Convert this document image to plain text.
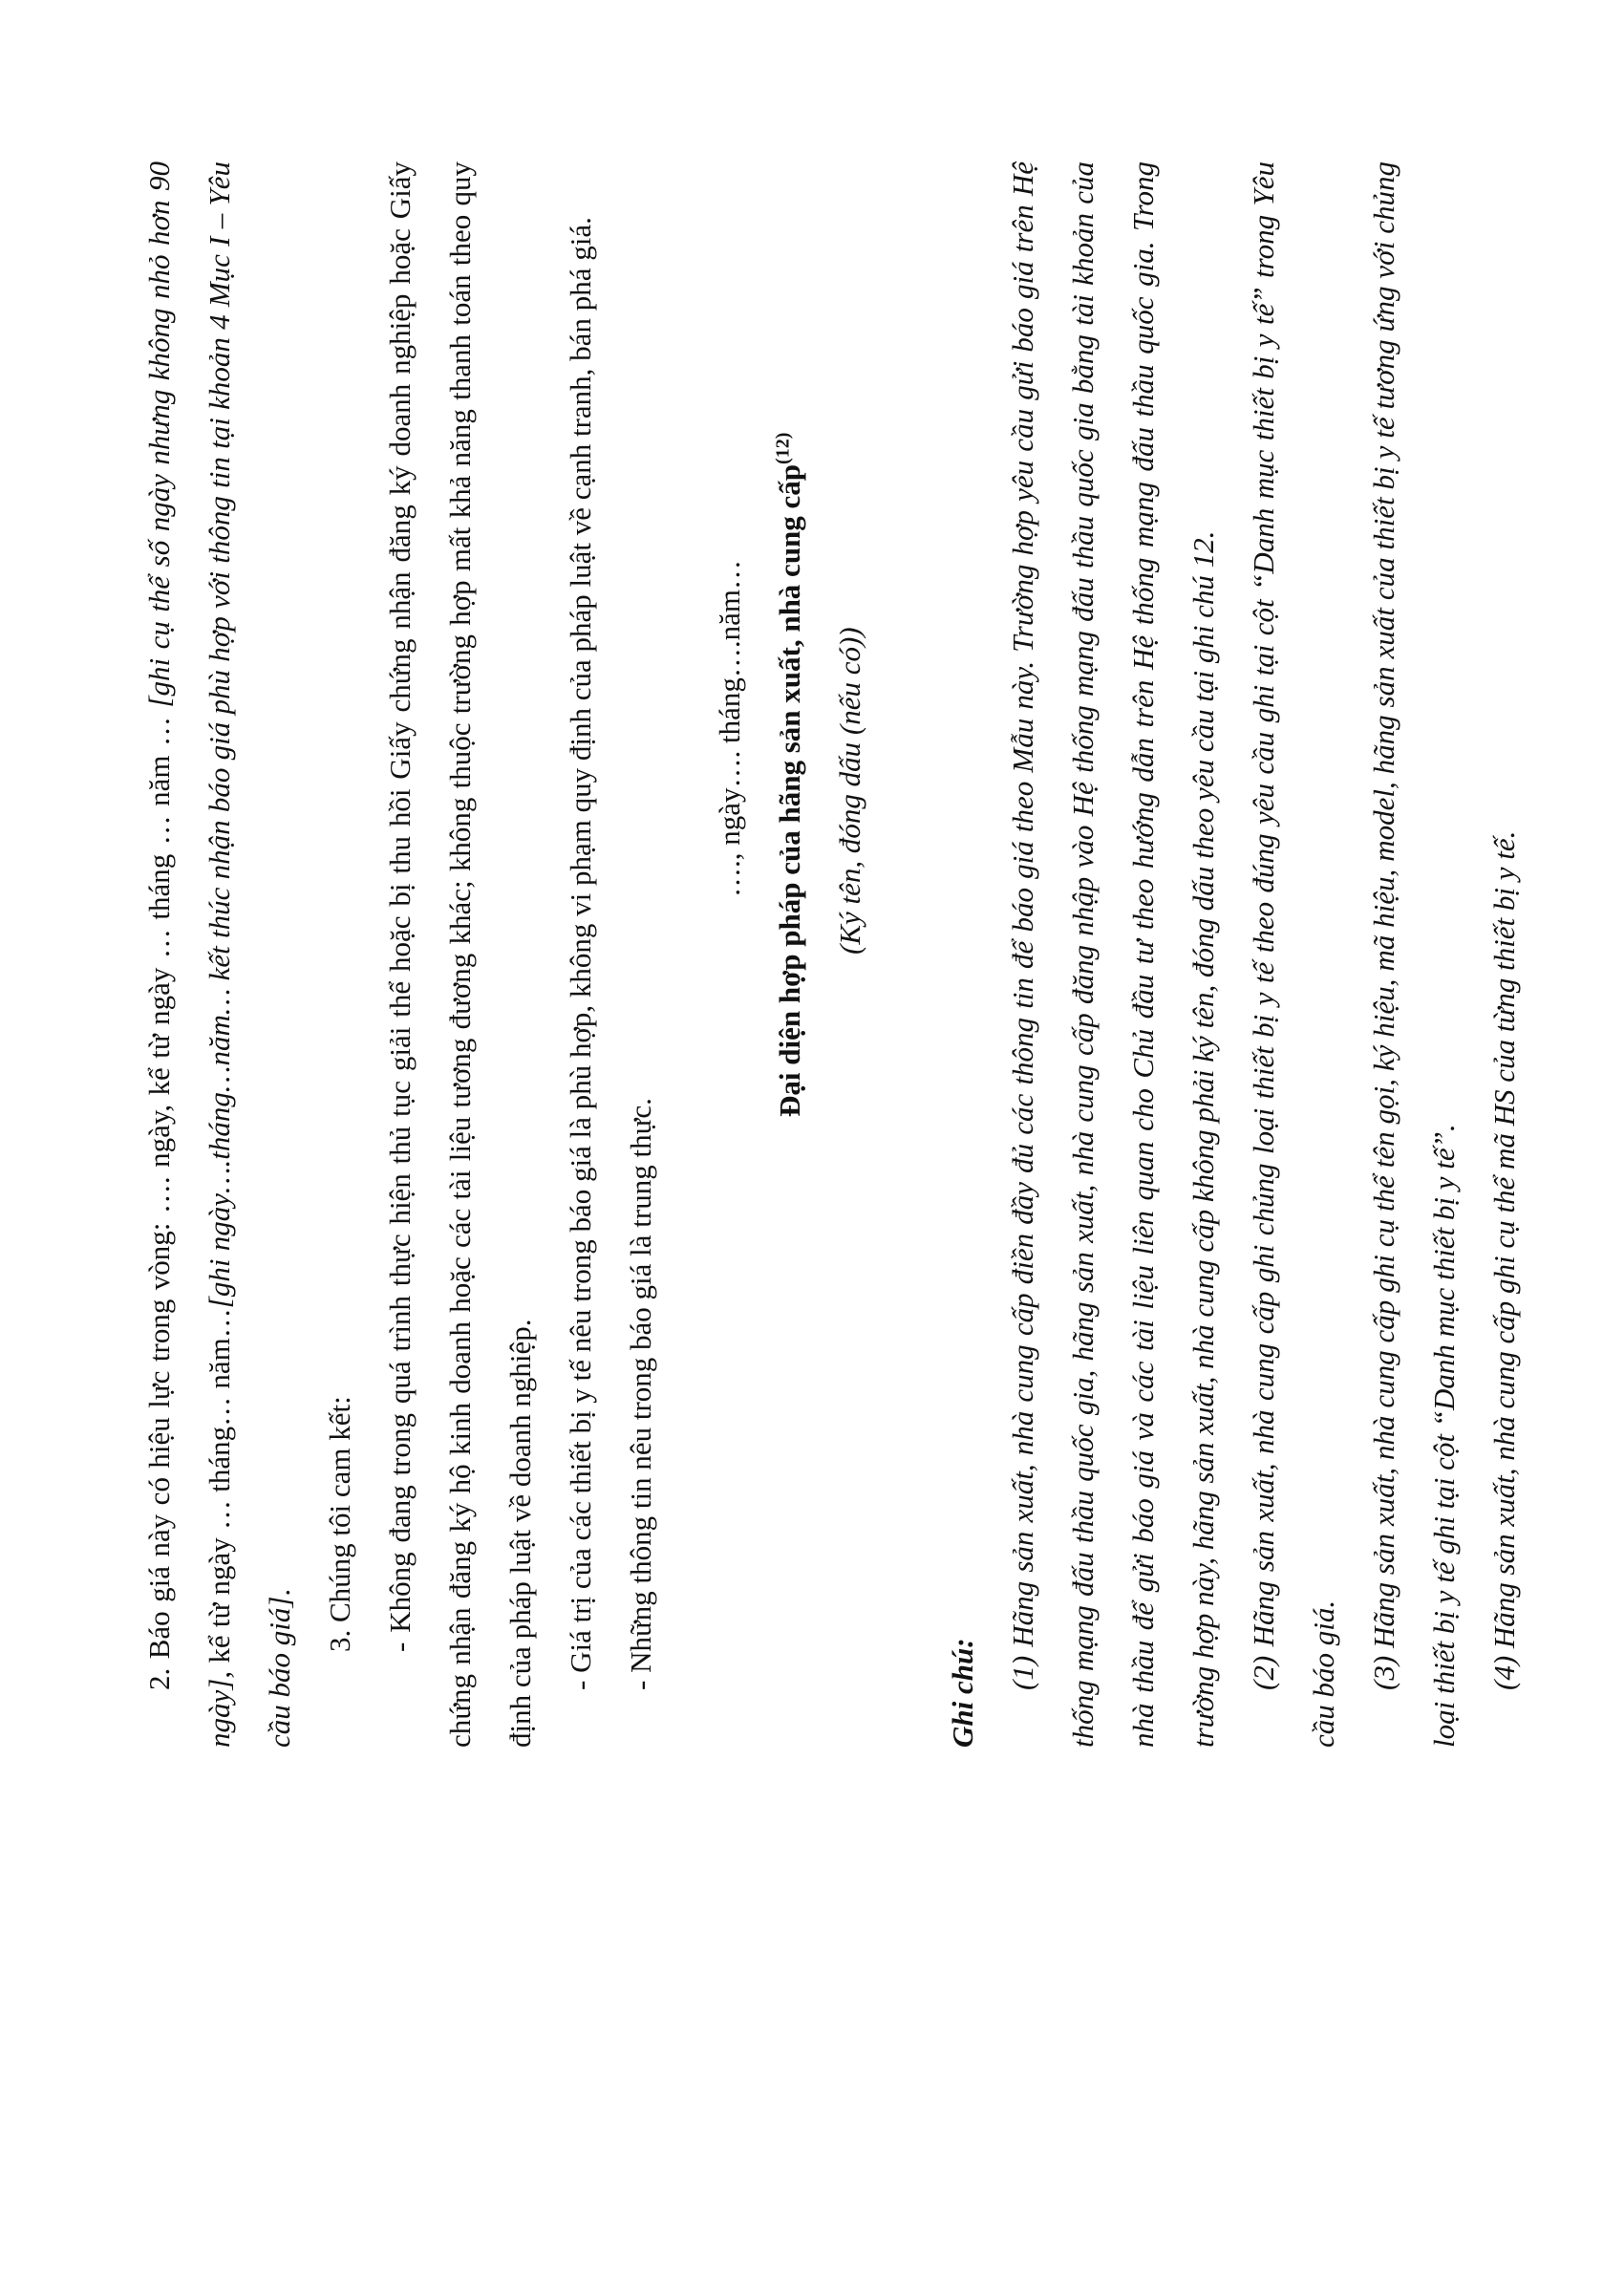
2. Báo giá này có hiệu lực trong vòng: …. ngày, kể từ ngày … tháng … năm … [ghi cụ thể số ngày nhưng không nhỏ hơn 90 ngày], kể từ ngày … tháng… năm…[ghi ngày….tháng…năm… kết thúc nhận báo giá phù hợp với thông tin tại khoản 4 Mục I – Yêu cầu báo giá]. 3. Chúng tôi cam kết: - Không đang trong quá trình thực hiện thủ tục giải thể hoặc bị thu hồi Giấy chứng nhận đăng ký doanh nghiệp hoặc Giấy chứng nhận đăng ký hộ kinh doanh hoặc các tài liệu tương đương khác; không thuộc trường hợp mất khả năng thanh toán theo quy định của pháp luật về doanh nghiệp. - Giá trị của các thiết bị y tế nêu trong báo giá là phù hợp, không vi phạm quy định của pháp luật về cạnh tranh, bán phá giá. - Những thông tin nêu trong báo giá là trung thực.

…., ngày…. tháng….năm… Đại diện hợp pháp của hãng sản xuất, nhà cung cấp$^{(12)}$

(Ký tên, đóng dấu (nếu có))

Ghi chú:

(1) Hãng sản xuất, nhà cung cấp điền đầy đủ các thông tin để báo giá theo Mẫu này. Trường hợp yêu cầu gửi báo giá trên Hệ thống mạng đấu thầu quốc gia, hãng sản xuất, nhà cung cấp đăng nhập vào Hệ thống mạng đấu thầu quốc gia bằng tài khoản của nhà thầu để gửi báo giá và các tài liệu liên quan cho Chủ đầu tư theo hướng dẫn trên Hệ thống mạng đấu thầu quốc gia. Trong trường hợp này, hãng sản xuất, nhà cung cấp không phải ký tên, đóng dấu theo yêu cầu tại ghi chú 12. (2) Hãng sản xuất, nhà cung cấp ghi chủng loại thiết bị y tế theo đúng yêu cầu ghi tại cột “Danh mục thiết bị y tế” trong Yêu cầu báo giá. (3) Hãng sản xuất, nhà cung cấp ghi cụ thể tên gọi, ký hiệu, mã hiệu, model, hãng sản xuất của thiết bị y tế tương ứng với chủng loại thiết bị y tế ghi tại cột “Danh mục thiết bị y tế”. (4) Hãng sản xuất, nhà cung cấp ghi cụ thể mã HS của từng thiết bị y tế.
